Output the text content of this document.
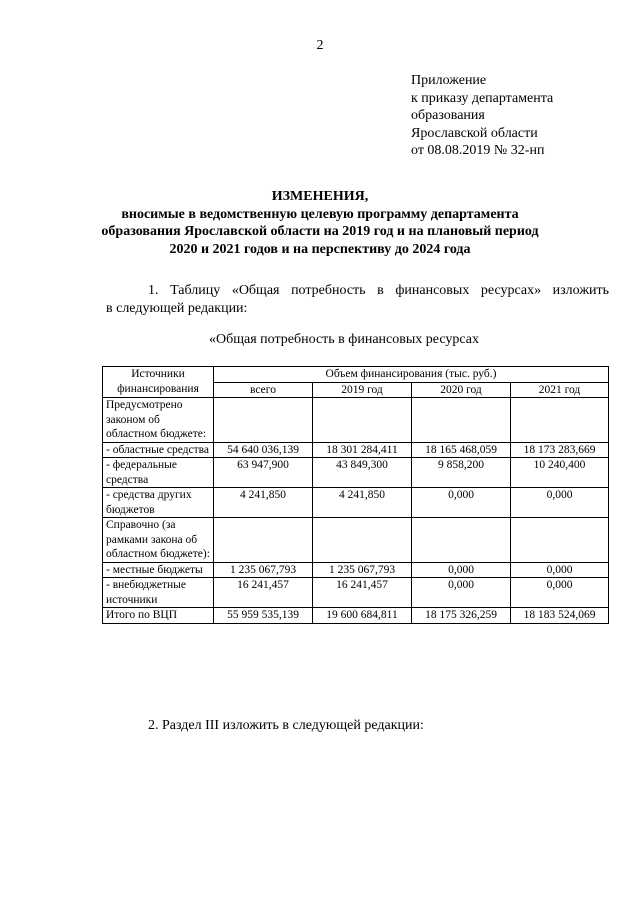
2
Приложение
к приказу департамента
образования
Ярославской области
от 08.08.2019 № 32-нп
ИЗМЕНЕНИЯ,
вносимые в ведомственную целевую программу департамента
образования Ярославской области на 2019 год и на плановый период
2020 и 2021 годов и на перспективу до 2024 года
1. Таблицу «Общая потребность в финансовых ресурсах» изложить
в следующей редакции:
«Общая потребность в финансовых ресурсах
Источники финансирования	Объем финансирования (тыс. руб.)			
	всего	2019 год	2020 год	2021 год
Предусмотрено законом об областном бюджете:				
- областные средства	54 640 036,139	18 301 284,411	18 165 468,059	18 173 283,669
- федеральные средства	63 947,900	43 849,300	9 858,200	10 240,400
- средства других бюджетов	4 241,850	4 241,850	0,000	0,000
Справочно (за рамками закона об областном бюджете):				
- местные бюджеты	1 235 067,793	1 235 067,793	0,000	0,000
- внебюджетные источники	16 241,457	16 241,457	0,000	0,000
Итого по ВЦП	55 959 535,139	19 600 684,811	18 175 326,259	18 183 524,069
2. Раздел III изложить в следующей редакции:
